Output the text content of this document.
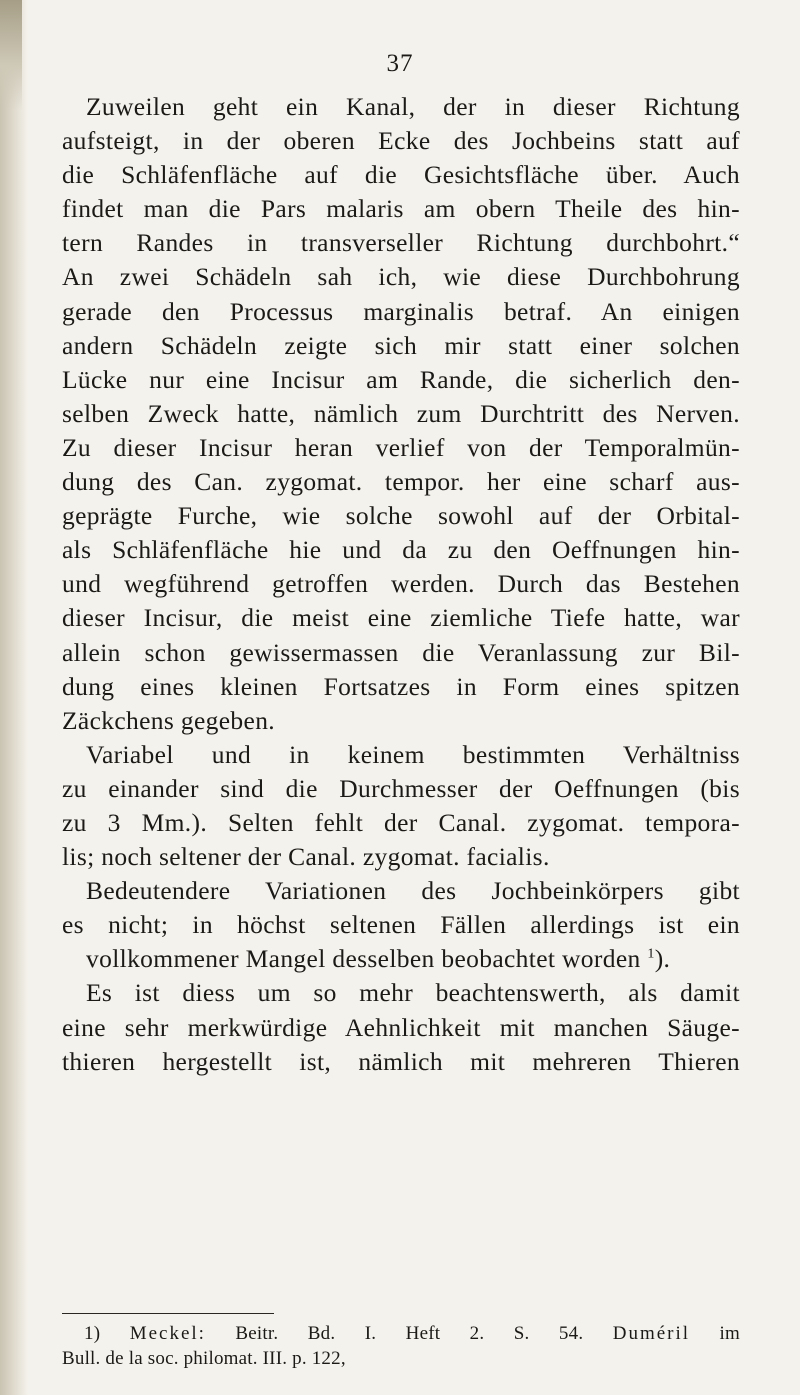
37
Zuweilen geht ein Kanal, der in dieser Richtung
aufsteigt, in der oberen Ecke des Jochbeins statt auf
die Schläfenfläche auf die Gesichtsfläche über. Auch
findet man die Pars malaris am obern Theile des hin-
tern Randes in transverseller Richtung durchbohrt.“
An zwei Schädeln sah ich, wie diese Durchbohrung
gerade den Processus marginalis betraf. An einigen
andern Schädeln zeigte sich mir statt einer solchen
Lücke nur eine Incisur am Rande, die sicherlich den-
selben Zweck hatte, nämlich zum Durchtritt des Nerven.
Zu dieser Incisur heran verlief von der Temporalmün-
dung des Can. zygomat. tempor. her eine scharf aus-
geprägte Furche, wie solche sowohl auf der Orbital-
als Schläfenfläche hie und da zu den Oeffnungen hin-
und wegführend getroffen werden. Durch das Bestehen
dieser Incisur, die meist eine ziemliche Tiefe hatte, war
allein schon gewissermassen die Veranlassung zur Bil-
dung eines kleinen Fortsatzes in Form eines spitzen
Zäckchens gegeben.
Variabel und in keinem bestimmten Verhältniss
zu einander sind die Durchmesser der Oeffnungen (bis
zu 3 Mm.). Selten fehlt der Canal. zygomat. tempora-
lis; noch seltener der Canal. zygomat. facialis.
Bedeutendere Variationen des Jochbeinkörpers gibt
es nicht; in höchst seltenen Fällen allerdings ist ein
vollkommener Mangel desselben beobachtet worden $^1$).
Es ist diess um so mehr beachtenswerth, als damit
eine sehr merkwürdige Aehnlichkeit mit manchen Säuge-
thieren hergestellt ist, nämlich mit mehreren Thieren
1) Meckel: Beitr. Bd. I. Heft 2. S. 54. Duméril im
Bull. de la soc. philomat. III. p. 122,
